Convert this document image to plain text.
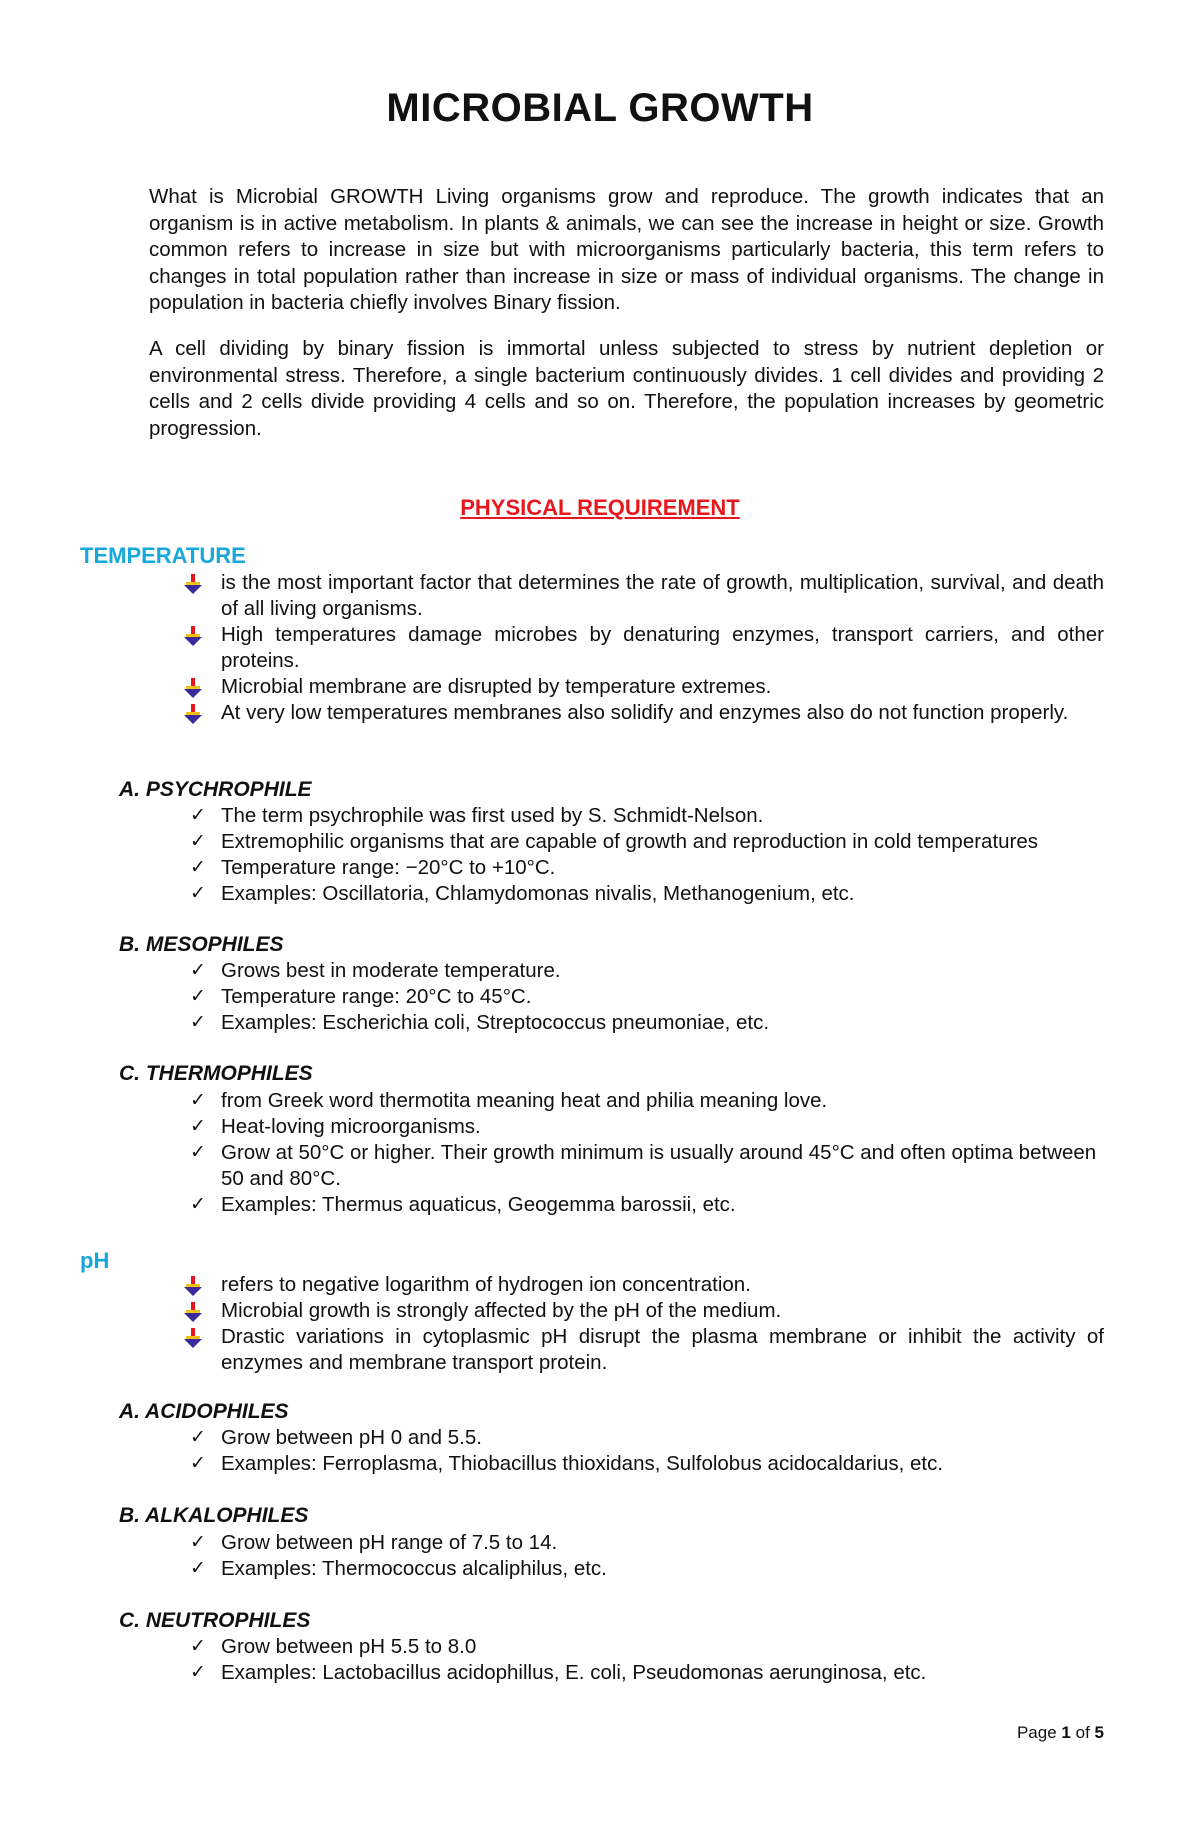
MICROBIAL GROWTH

What is Microbial GROWTH Living organisms grow and reproduce. The growth indicates that an organism is in active metabolism. In plants & animals, we can see the increase in height or size. Growth common refers to increase in size but with microorganisms particularly bacteria, this term refers to changes in total population rather than increase in size or mass of individual organisms. The change in population in bacteria chiefly involves Binary fission.

A cell dividing by binary fission is immortal unless subjected to stress by nutrient depletion or environmental stress. Therefore, a single bacterium continuously divides. 1 cell divides and providing 2 cells and 2 cells divide providing 4 cells and so on. Therefore, the population increases by geometric progression.

PHYSICAL REQUIREMENT
TEMPERATURE
is the most important factor that determines the rate of growth, multiplication, survival, and death of all living organisms.
High temperatures damage microbes by denaturing enzymes, transport carriers, and other proteins.
Microbial membrane are disrupted by temperature extremes.
At very low temperatures membranes also solidify and enzymes also do not function properly.
A. PSYCHROPHILE
✓ The term psychrophile was first used by S. Schmidt-Nelson.
✓ Extremophilic organisms that are capable of growth and reproduction in cold temperatures
✓ Temperature range: −20°C to +10°C.
✓ Examples: Oscillatoria, Chlamydomonas nivalis, Methanogenium, etc.
B. MESOPHILES
✓ Grows best in moderate temperature.
✓ Temperature range: 20°C to 45°C.
✓ Examples: Escherichia coli, Streptococcus pneumoniae, etc.
C. THERMOPHILES
✓ from Greek word thermotita meaning heat and philia meaning love.
✓ Heat-loving microorganisms.
✓ Grow at 50°C or higher. Their growth minimum is usually around 45°C and often optima between 50 and 80°C.
✓ Examples: Thermus aquaticus, Geogemma barossii, etc.
pH
refers to negative logarithm of hydrogen ion concentration.
Microbial growth is strongly affected by the pH of the medium.
Drastic variations in cytoplasmic pH disrupt the plasma membrane or inhibit the activity of enzymes and membrane transport protein.
A. ACIDOPHILES
✓ Grow between pH 0 and 5.5.
✓ Examples: Ferroplasma, Thiobacillus thioxidans, Sulfolobus acidocaldarius, etc.
B. ALKALOPHILES
✓ Grow between pH range of 7.5 to 14.
✓ Examples: Thermococcus alcaliphilus, etc.
C. NEUTROPHILES
✓ Grow between pH 5.5 to 8.0
✓ Examples: Lactobacillus acidophillus, E. coli, Pseudomonas aerunginosa, etc.
Page 1 of 5
